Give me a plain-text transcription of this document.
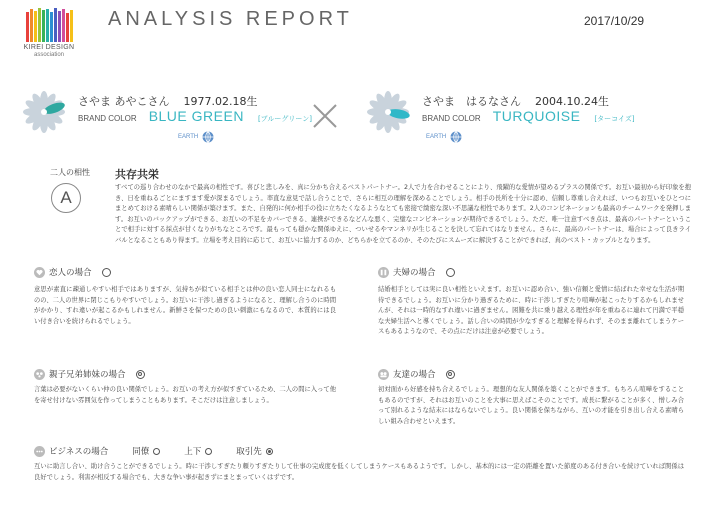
KIREI DESIGN
association
ANALYSIS REPORT	2017/10/29
さやま あやこさん 1977.02.18生
BRAND COLOR BLUE GREEN [ブルーグリーン]
EARTH
さやま　はるなさん 2004.10.24生
BRAND COLOR TURQUOISE [ターコイズ]
EARTH
二人の相性
A
共存共栄
すべての巡り合わせのなかで最高の相性です。喜びと悲しみを、真に分かち合えるベストパートナー。2人で力を合わせることにより、飛躍的な愛情が望めるプラスの関係です。お互い最初から好印象を抱き、日を重ねるごとにますます愛が深まるでしょう。率直な意見で話し合うことで、さらに相互の理解を深めることでしょう。相手の長所を十分に認め、信頼し尊重し合えれば、いつもお互いをひとつにまとめておける素晴らしい関係が築けます。また、自発的に何か相手の役に立ちたくなるようなとても密接で緻密な深い不思議な相性であります。2人のコンビネーションも最高のチームワークを発揮します。お互いのバックアップができる、お互いの不足をカバーできる、連携ができるなどんな悪く、完璧なコンビネーションが期待できるでしょう。ただ、唯一注意すべき点は、最高のパートナーということで相手に対する採点が甘くなりがちなところです。最もっても穏かな関係ゆえに、ついせるやマンネリが生じることを決して忘れてはなりません。さらに、最高のパートナーは、場合によって良きライバルとなることもあり得ます。立場を考え目的に応じて、お互いに協力するのか、どちらかを立てるのか、そのたびにスムーズに解決することができれば、真のベスト・カップルとなります。
恋人の場合
意思が素直に疎通しやすい相手ではありますが、気持ちが似ている相手とは仲の良い恋人同士になれるものの、二人の世界に閉じこもりやすいでしょう。お互いに干渉し過ぎるようになると、理解し合うのに時間がかかり、すれ違いが起こるかもしれません。新鮮さを保つための良い刺激にもなるので、本質的には良い付き合いを続けられるでしょう。
夫婦の場合
結婚相手としては実に良い相性といえます。お互いに認め合い、強い信頼と愛情に結ばれた幸せな生活が期待できるでしょう。お互いに分かり過ぎるために、時に干渉しすぎたり喧嘩が起こったりするかもしれませんが、それは一時的なすれ違いに過ぎません。困難を共に乗り越える理性が年を重ねるに連れて円満で平穏な夫婦生活へと導くでしょう。話し合いの時間が少なすぎると理解を得られず、そのまま離れてしまうケースもあるようなので、その点にだけは注意が必要でしょう。
親子兄弟姉妹の場合
言葉は必要がないくらい仲の良い関係でしょう。お互いの考え方が似すぎているため、二人の間に入って他を寄せ付けない雰囲気を作ってしまうこともあります。そこだけは注意しましょう。
友達の場合
初対面から好感を持ち合えるでしょう。理想的な友人関係を築くことができます。もちろん喧嘩をすることもあるのですが、それはお互いのことを大事に思えばこそのことです。成長に繋がることが多く、憎しみ合って別れるような結末にはならないでしょう。良い関係を保ちながら、互いの才能を引き出し合える素晴らしい組み合わせといえます。
ビジネスの場合	同僚	上下	取引先
互いに助言し合い、助け合うことができるでしょう。時に干渉しすぎたり頼りすぎたりして仕事の完成度を低くしてしまうケースもあるようです。しかし、基本的には一定の距離を置いた節度のある付き合いを続けていれば関係は良好でしょう。利害が相反する場合でも、大きな争い事が起きずにまとまっていくはずです。
